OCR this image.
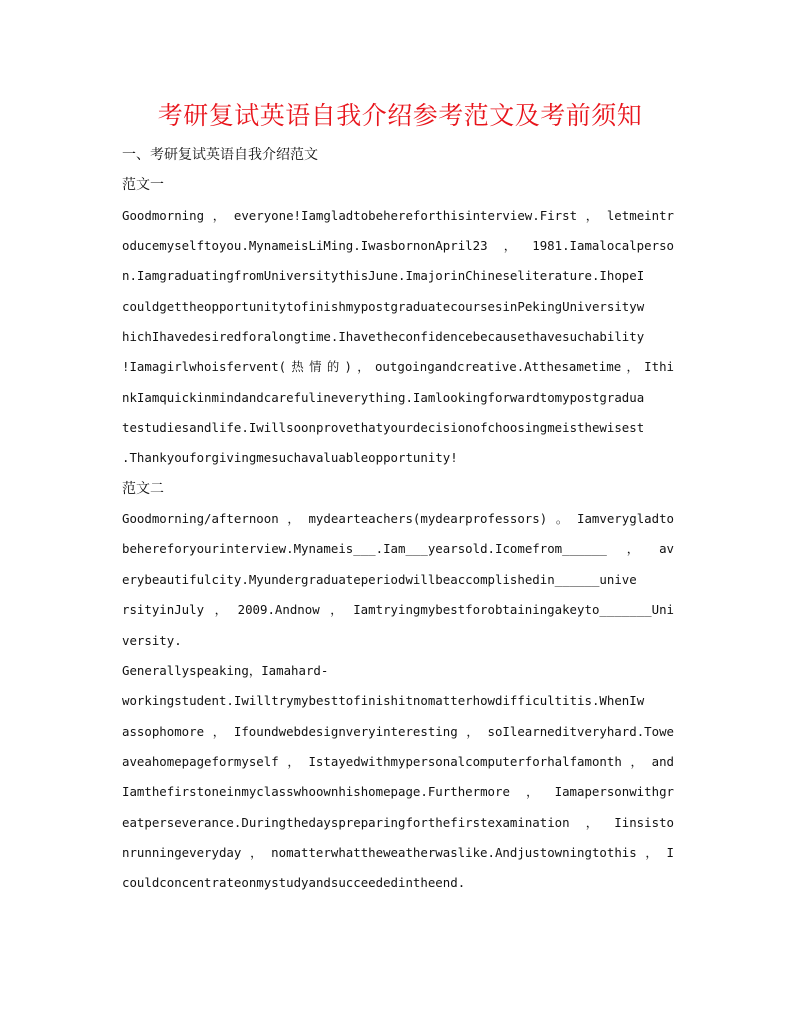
考研复试英语自我介绍参考范文及考前须知
一、考研复试英语自我介绍范文
范文一
Goodmorning，everyone!Iamgladtobehereforthisinterview.First，letmeintr
oducemyselftoyou.MynameisLiMing.IwasbornonApril23，1981.Iamalocalperso
n.IamgraduatingfromUniversitythisJune.ImajorinChineseliterature.IhopeI
couldgettheopportunitytofinishmypostgraduatecoursesinPekingUniversityw
hichIhavedesiredforalongtime.Ihavetheconfidencebecausethavesuchability
!Iamagirlwhoisfervent(热情的)，outgoingandcreative.Atthesametime，Ithi
nkIamquickinmindandcarefulineverything.Iamlookingforwardtomypostgradua
testudiesandlife.Iwillsoonprovethatyourdecisionofchoosingmeisthewisest
.Thankyouforgivingmesuchavaluableopportunity!
范文二
Goodmorning/afternoon，mydearteachers(mydearprofessors)。Iamverygladto
behereforyourinterview.Mynameis___.Iam___yearsold.Icomefrom______，av
erybeautifulcity.Myundergraduateperiodwillbeaccomplishedin______unive
rsityinJuly，2009.Andnow，Iamtryingmybestforobtainingakeyto_______Uni
versity.
Generallyspeaking，Iamahard-
workingstudent.Iwilltrymybesttofinishitnomatterhowdifficultitis.WhenIw
assophomore，Ifoundwebdesignveryinteresting，soIlearneditveryhard.Towe
aveahomepageformyself，Istayedwithmypersonalcomputerforhalfamonth，and
Iamthefirstoneinmyclasswhoownhishomepage.Furthermore，Iamapersonwithgr
eatperseverance.Duringthedayspreparingforthefirstexamination，Iinsisto
nrunningeveryday，nomatterwhattheweatherwaslike.Andjustowningtothis，I
couldconcentrateonmystudyandsucceededintheend.
